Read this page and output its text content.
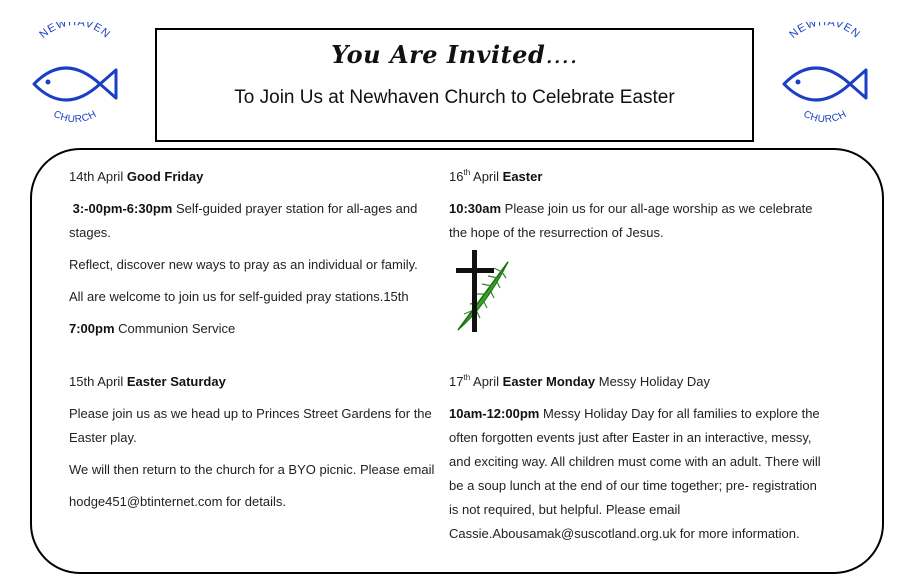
NEWHAVEN
CHURCH
NEWHAVEN
CHURCH
You Are Invited….
To Join Us at Newhaven Church to Celebrate Easter

14th April Good Friday

3:-00pm-6:30pm Self-guided prayer station for all-ages and stages.

Reflect, discover new ways to pray as an individual or family.

All are welcome to join us for self-guided pray stations.15th

7:00pm Communion Service

16th April Easter

10:30am Please join us for our all-age worship as we celebrate the hope of the resurrection of Jesus.

15th April Easter Saturday

Please join us as we head up to Princes Street Gardens for the Easter play.

We will then return to the church for a BYO picnic. Please email

hodge451@btinternet.com for details.

17th April Easter Monday Messy Holiday Day

10am-12:00pm Messy Holiday Day for all families to explore the often forgotten events just after Easter in an interactive, messy, and exciting way. All children must come with an adult. There will be a soup lunch at the end of our time together; pre- registration is not required, but helpful. Please email Cassie.Abousamak@suscotland.org.uk for more information.
